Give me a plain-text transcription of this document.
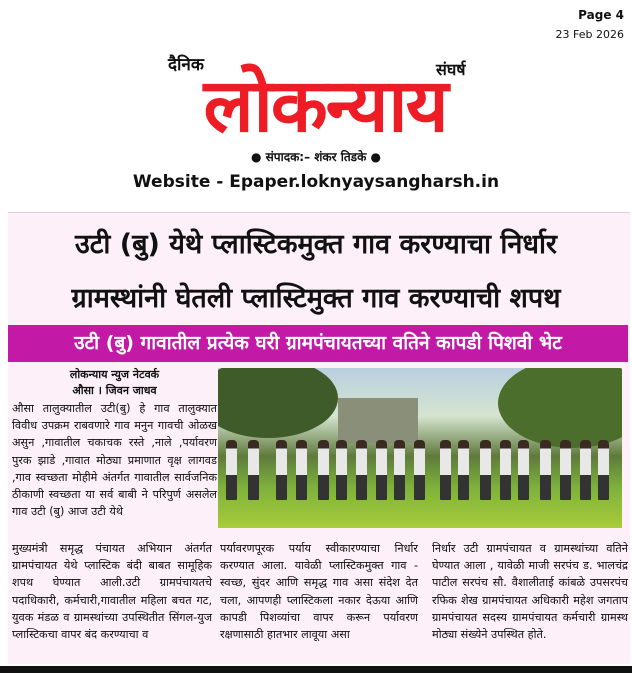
Page 4
23 Feb 2026
दैनिक	संघर्ष
लोकन्याय
● संपादक:– शंकर तिडके ●
Website - Epaper.loknyaysangharsh.in
उटी (बु) येथे प्लास्टिकमुक्त गाव करण्याचा निर्धार
ग्रामस्थांनी घेतली प्लास्टिमुक्त गाव करण्याची शपथ
उटी (बु) गावातील प्रत्येक घरी ग्रामपंचायतच्या वतिने कापडी पिशवी भेट
लोकन्याय न्युज नेटवर्क
औसा । जिवन जाधव
औसा तालुक्यातील उटी(बु) हे गाव तालुक्यात विवीध उपक्रम राबवणारे गाव मनुन गावची ओळख असुन ,गावातील चकाचक रस्ते ,नाले ,पर्यावरण पुरक झाडे ,गावात मोठ्या प्रमाणात वृक्ष लागवड ,गाव स्वच्छता मोहीमे अंतर्गत गावातील सार्वजनिक ठीकाणी स्वच्छता या सर्व बाबी ने परिपुर्ण असलेल गाव उटी (बु) आज उटी येथे
मुख्यमंत्री समृद्ध पंचायत अभियान अंतर्गत ग्रामपंचायत येथे प्लास्टिक बंदी बाबत सामूहिक शपथ घेण्यात आली.उटी ग्रामपंचायतचे पदाधिकारी, कर्मचारी,गावातील महिला बचत गट, युवक मंडळ व ग्रामस्थांच्या उपस्थितीत सिंगल-युज प्लास्टिकचा वापर बंद करण्याचा व
पर्यावरणपूरक पर्याय स्वीकारण्याचा निर्धार करण्यात आला. यावेळी प्लास्टिकमुक्त गाव - स्वच्छ, सुंदर आणि समृद्ध गाव असा संदेश देत चला, आपणही प्लास्टिकला नकार देऊया आणि कापडी पिशव्यांचा वापर करून पर्यावरण रक्षणासाठी हातभार लावूया असा
निर्धार उटी ग्रामपंचायत व ग्रामस्थांच्या वतिने घेण्यात आला , यावेळी माजी सरपंच ड. भालचंद्र पाटील सरपंच सौ. वैशालीताई कांबळे उपसरपंच रफिक शेख ग्रामपंचायत अधिकारी महेश जगताप ग्रामपंचायत सदस्य ग्रामपंचायत कर्मचारी ग्रामस्थ मोठ्या संख्येने उपस्थित होते.
